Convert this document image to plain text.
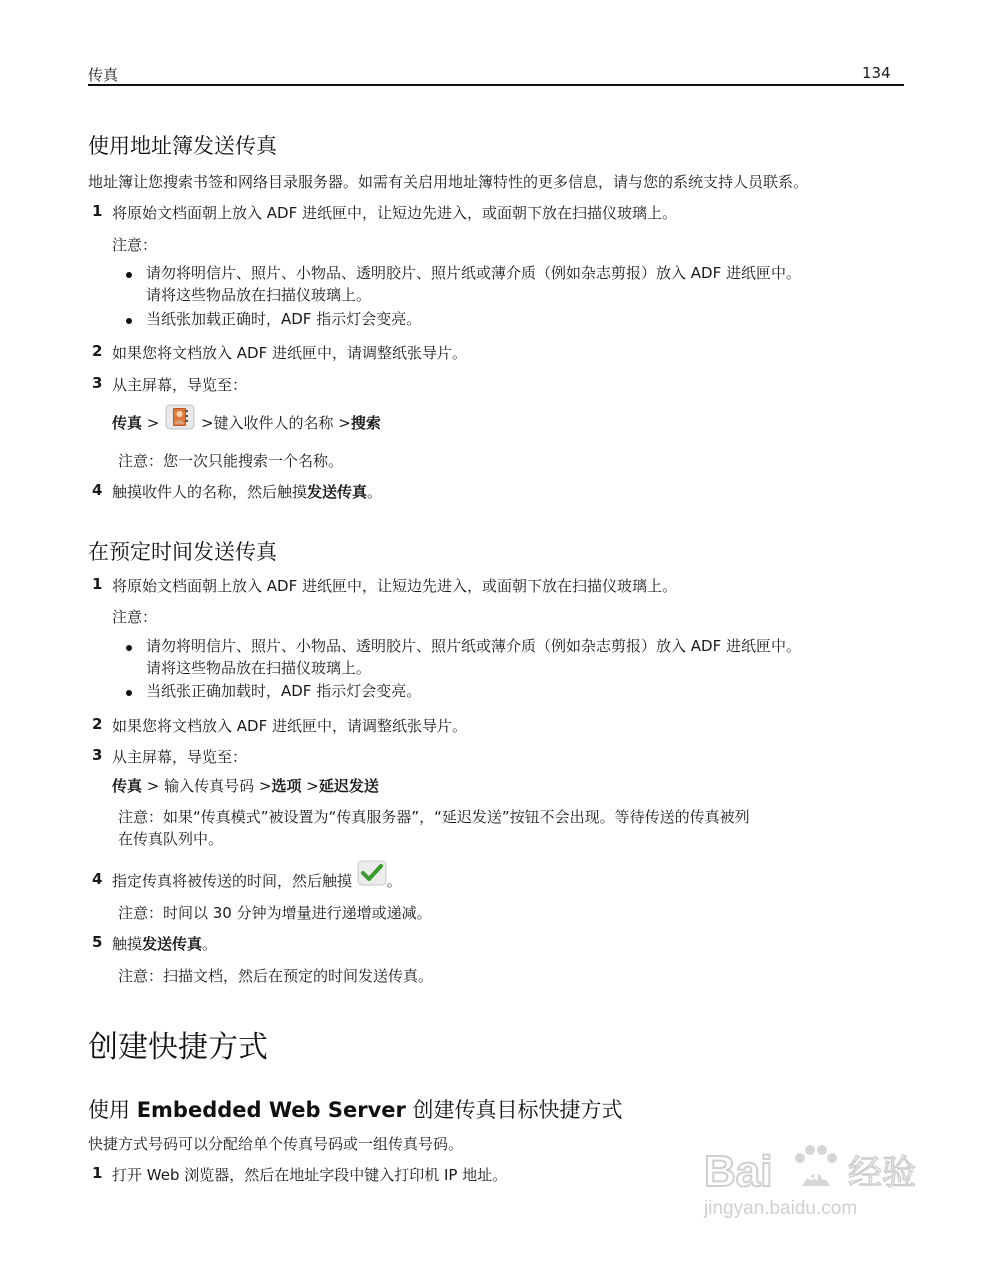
传真	134
使用地址簿发送传真
地址簿让您搜索书签和网络目录服务器。如需有关启用地址簿特性的更多信息，请与您的系统支持人员联系。
1 将原始文档面朝上放入 ADF 进纸匣中，让短边先进入，或面朝下放在扫描仪玻璃上。
注意：
请勿将明信片、照片、小物品、透明胶片、照片纸或薄介质（例如杂志剪报）放入 ADF 进纸匣中。
请将这些物品放在扫描仪玻璃上。
当纸张加载正确时，ADF 指示灯会变亮。
2 如果您将文档放入 ADF 进纸匣中，请调整纸张导片。
3 从主屏幕，导览至：
传真 >	>键入收件人的名称 >搜索
注意：您一次只能搜索一个名称。
4 触摸收件人的名称，然后触摸发送传真。
在预定时间发送传真
1 将原始文档面朝上放入 ADF 进纸匣中，让短边先进入，或面朝下放在扫描仪玻璃上。
注意：
请勿将明信片、照片、小物品、透明胶片、照片纸或薄介质（例如杂志剪报）放入 ADF 进纸匣中。
请将这些物品放在扫描仪玻璃上。
当纸张正确加载时，ADF 指示灯会变亮。
2 如果您将文档放入 ADF 进纸匣中，请调整纸张导片。
3 从主屏幕，导览至：
传真 > 输入传真号码 >选项 >延迟发送
注意：如果“传真模式”被设置为“传真服务器”，“延迟发送”按钮不会出现。等待传送的传真被列
在传真队列中。
4 指定传真将被传送的时间，然后触摸 。
注意：时间以 30 分钟为增量进行递增或递减。
5 触摸发送传真。
注意：扫描文档，然后在预定的时间发送传真。
创建快捷方式
使用 Embedded Web Server 创建传真目标快捷方式
快捷方式号码可以分配给单个传真号码或一组传真号码。
1 打开 Web 浏览器，然后在地址字段中键入打印机 IP 地址。	Bai du 经验
jingyan.baidu.com
